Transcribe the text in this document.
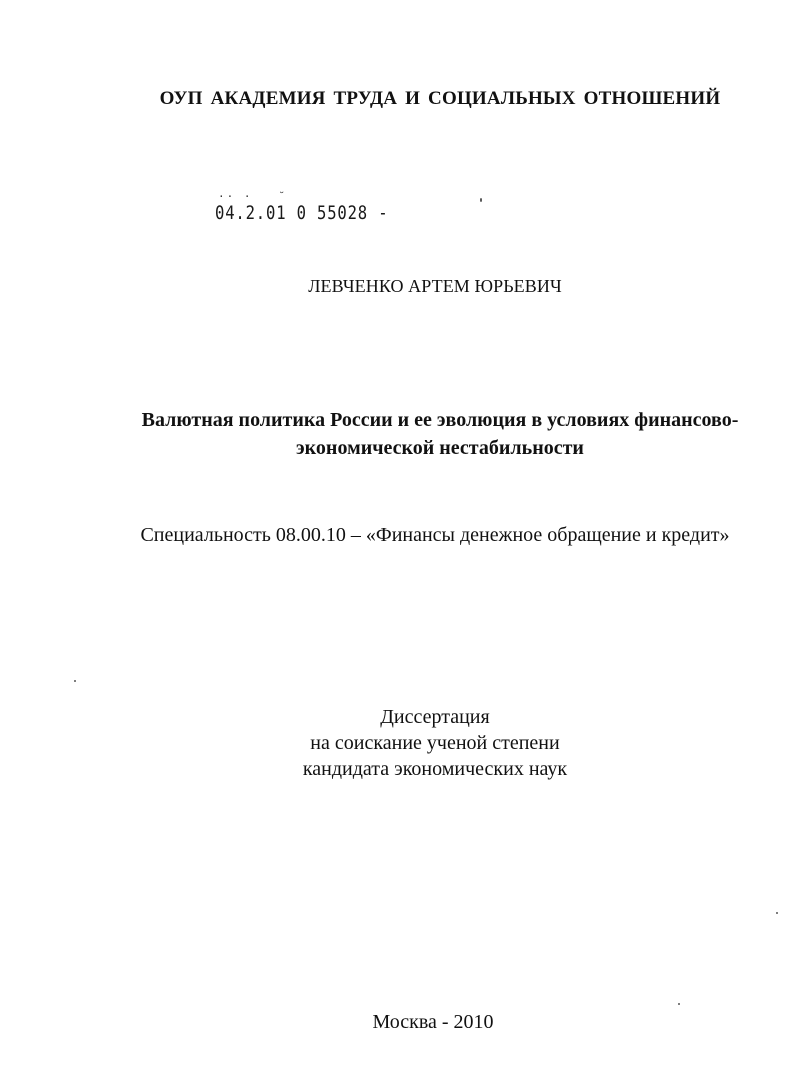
ОУП АКАДЕМИЯ ТРУДА И СОЦИАЛЬНЫХ ОТНОШЕНИЙ
·· ·   ˘
04.2.01 0 55028 -
ЛЕВЧЕНКО АРТЕМ ЮРЬЕВИЧ
Валютная политика России и ее эволюция в условиях финансово-
экономической нестабильности
Специальность 08.00.10 – «Финансы денежное обращение и кредит»
Диссертация
на соискание ученой степени
кандидата экономических наук
Москва - 2010
